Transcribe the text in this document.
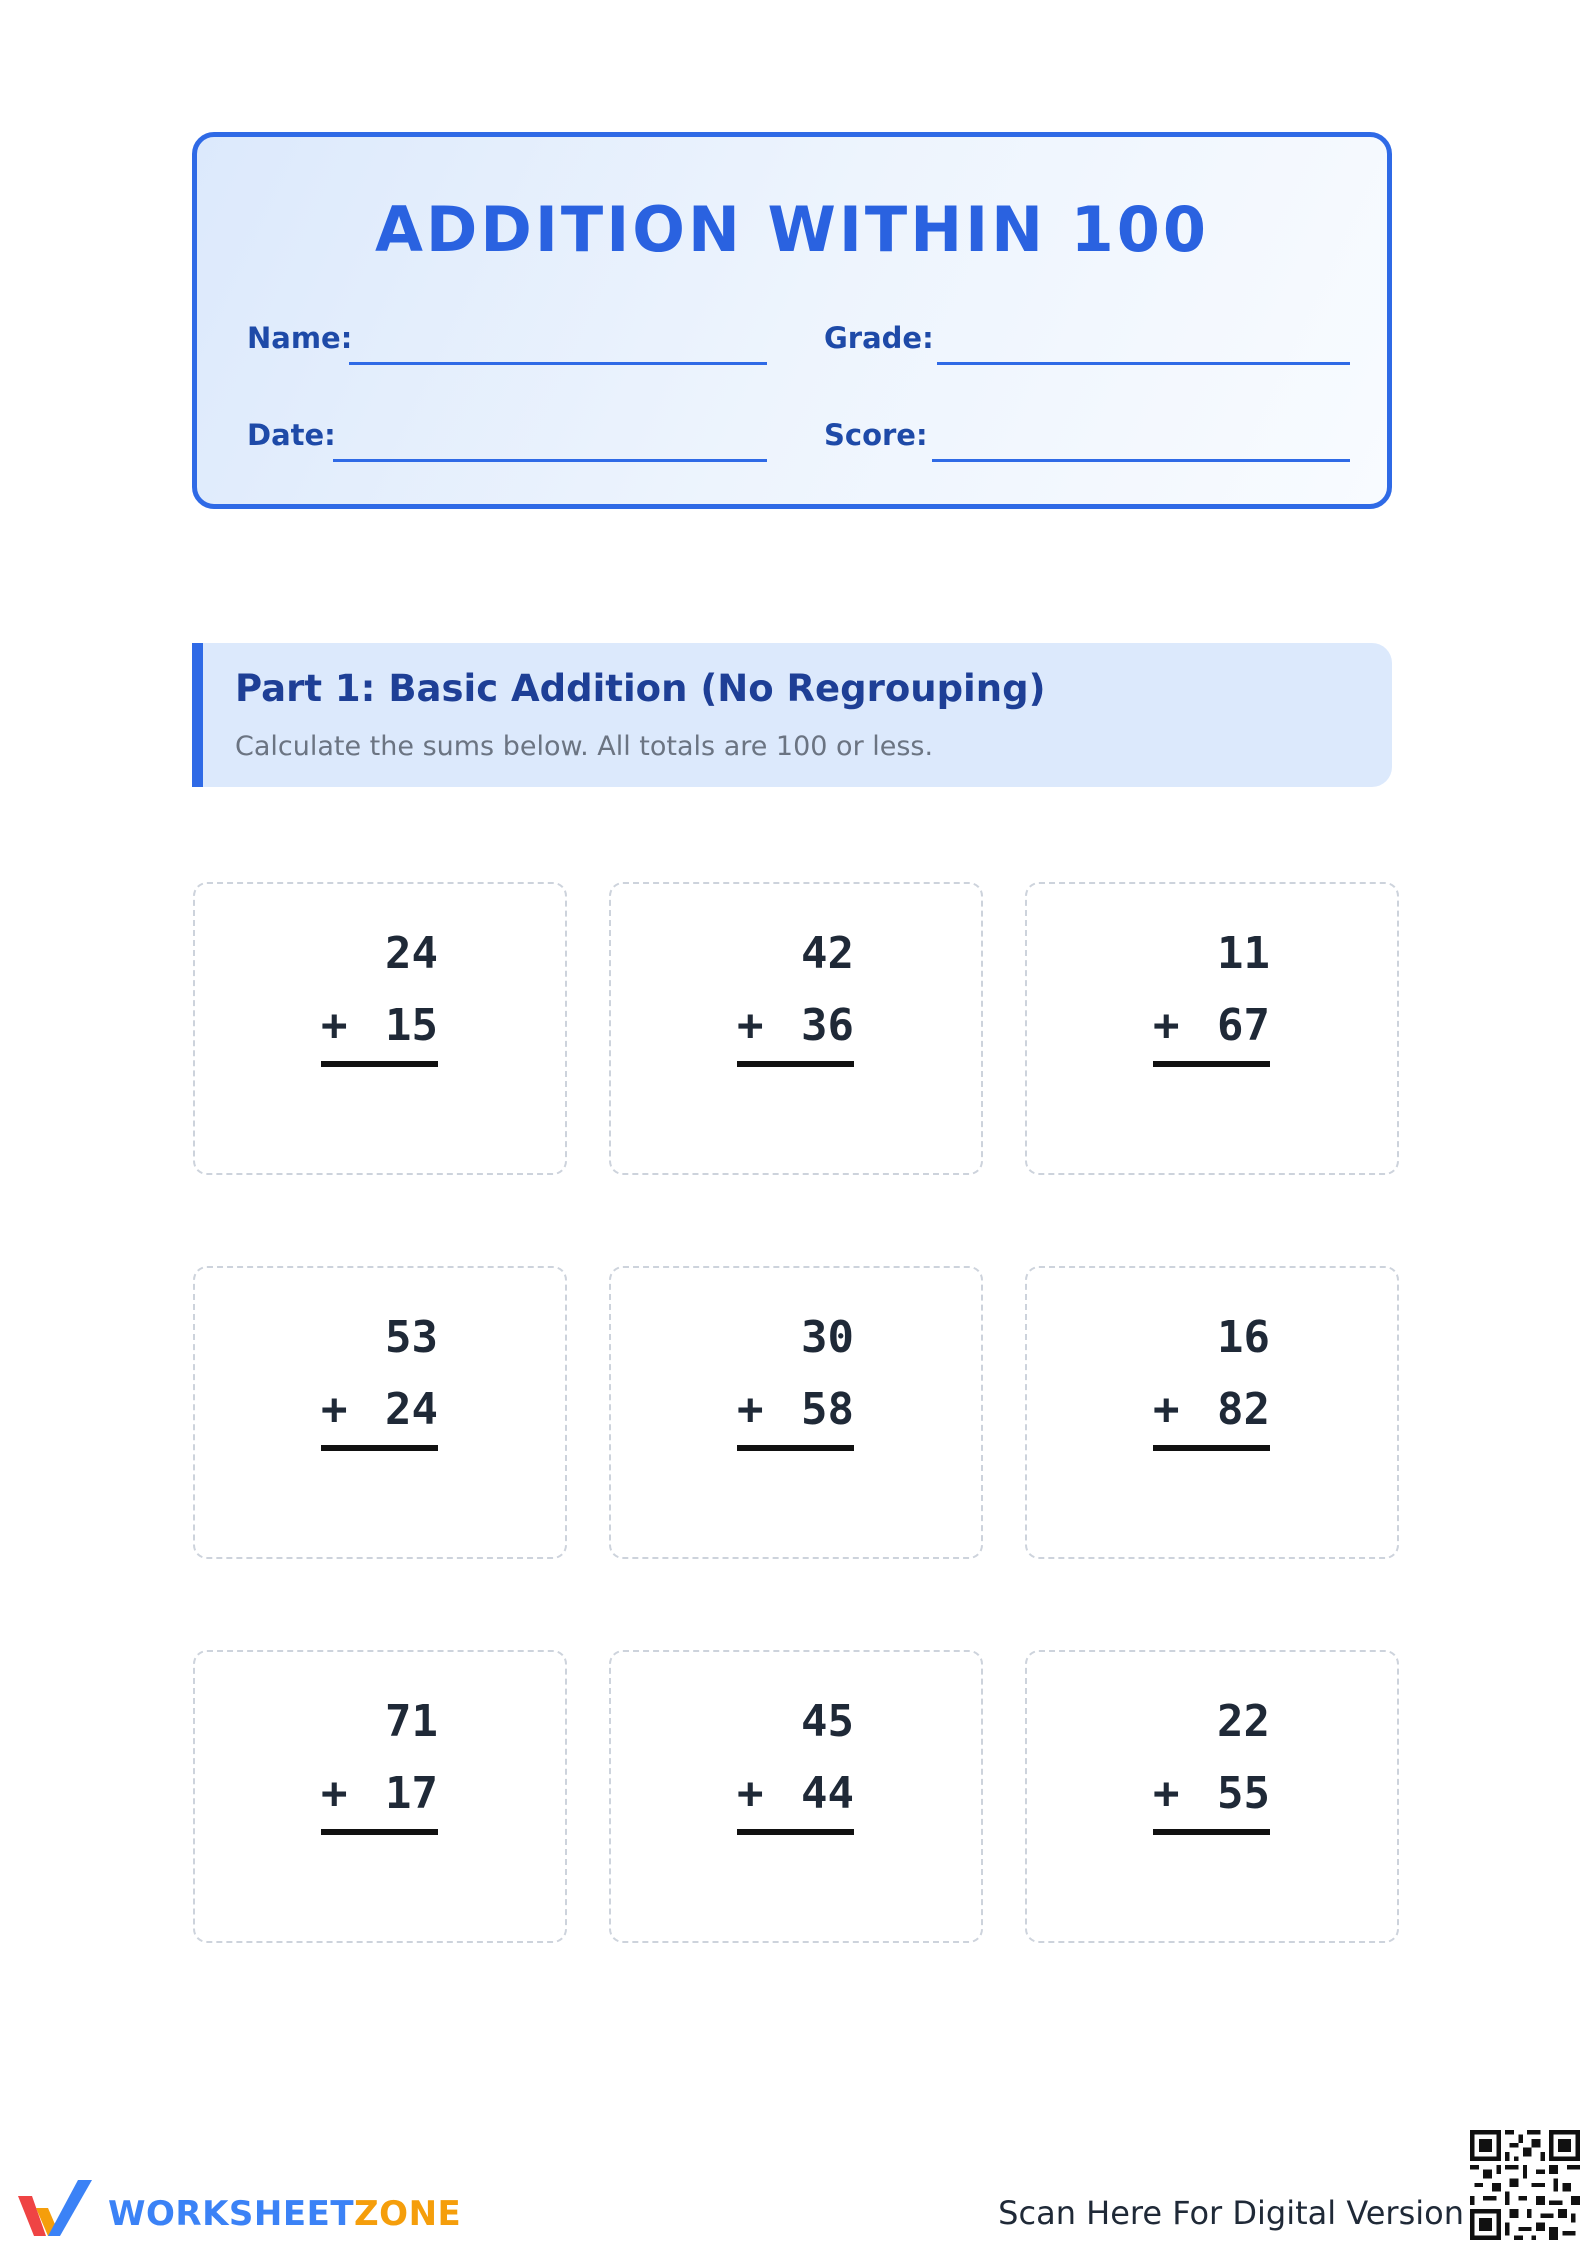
ADDITION WITHIN 100
Name:	Grade:
Date:	Score:
Part 1: Basic Addition (No Regrouping)
Calculate the sums below. All totals are 100 or less.
24
+ 15
42
+ 36
11
+ 67
53
+ 24
30
+ 58
16
+ 82
71
+ 17
45
+ 44
22
+ 55
WORKSHEETZONE	Scan Here For Digital Version
